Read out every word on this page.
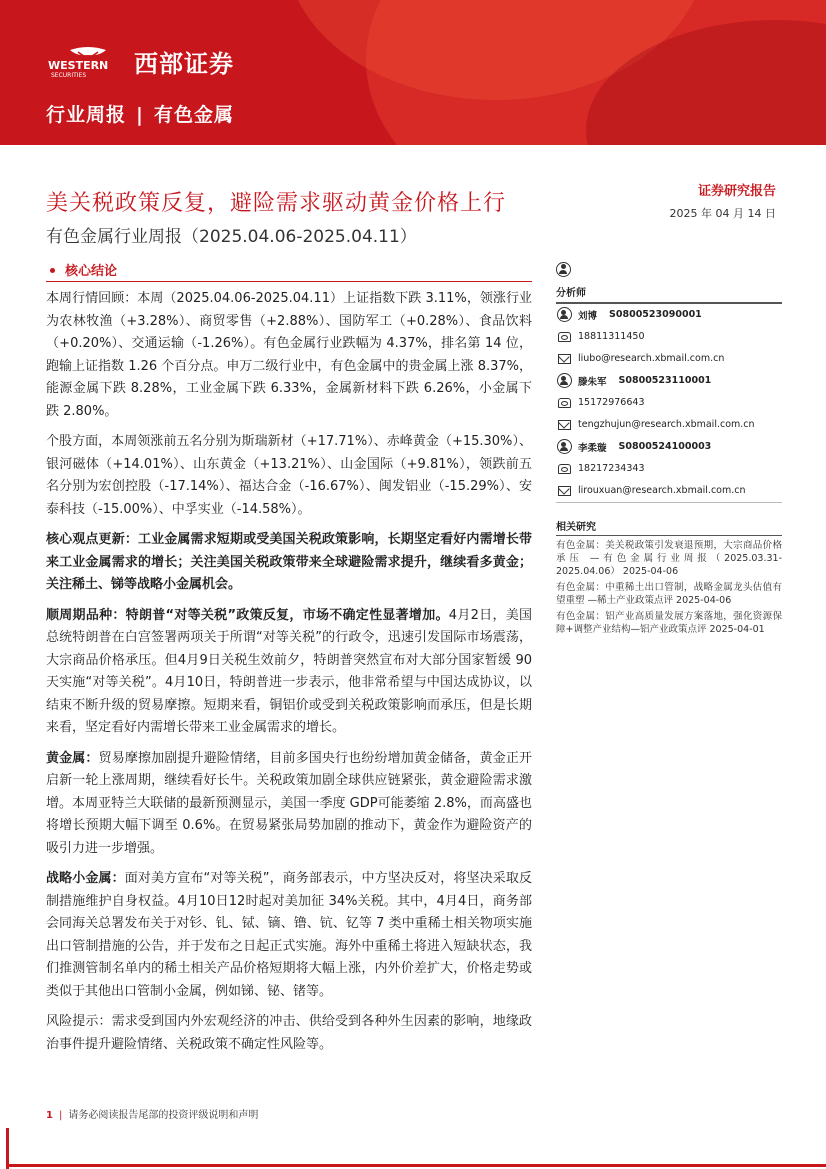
WESTERN
SECURITIES 西部证券
行业周报 | 有色金属
美关税政策反复，避险需求驱动黄金价格上行
有色金属行业周报（2025.04.06-2025.04.11）
证券研究报告
2025 年 04 月 14 日
核心结论

本周行情回顾：本周（2025.04.06-2025.04.11）上证指数下跌 3.11%，领涨行业为农林牧渔（+3.28%）、商贸零售（+2.88%）、国防军工（+0.28%）、食品饮料（+0.20%）、交通运输（-1.26%）。有色金属行业跌幅为 4.37%，排名第 14 位，跑输上证指数 1.26 个百分点。申万二级行业中，有色金属中的贵金属上涨 8.37%，能源金属下跌 8.28%，工业金属下跌 6.33%，金属新材料下跌 6.26%，小金属下跌 2.80%。

个股方面，本周领涨前五名分别为斯瑞新材（+17.71%）、赤峰黄金（+15.30%）、银河磁体（+14.01%）、山东黄金（+13.21%）、山金国际（+9.81%），领跌前五名分别为宏创控股（-17.14%）、福达合金（-16.67%）、闽发铝业（-15.29%）、安泰科技（-15.00%）、中孚实业（-14.58%）。

核心观点更新：工业金属需求短期或受美国关税政策影响，长期坚定看好内需增长带来工业金属需求的增长；关注美国关税政策带来全球避险需求提升，继续看多黄金；关注稀土、锑等战略小金属机会。

顺周期品种：特朗普“对等关税”政策反复，市场不确定性显著增加。4月2日，美国总统特朗普在白宫签署两项关于所谓“对等关税”的行政令，迅速引发国际市场震荡，大宗商品价格承压。但4月9日关税生效前夕，特朗普突然宣布对大部分国家暂缓 90 天实施“对等关税”。4月10日，特朗普进一步表示，他非常希望与中国达成协议，以结束不断升级的贸易摩擦。短期来看，铜铝价或受到关税政策影响而承压，但是长期来看，坚定看好内需增长带来工业金属需求的增长。

黄金属：贸易摩擦加剧提升避险情绪，目前多国央行也纷纷增加黄金储备，黄金正开启新一轮上涨周期，继续看好长牛。关税政策加剧全球供应链紧张，黄金避险需求激增。本周亚特兰大联储的最新预测显示，美国一季度 GDP可能萎缩 2.8%，而高盛也将增长预期大幅下调至 0.6%。在贸易紧张局势加剧的推动下，黄金作为避险资产的吸引力进一步增强。

战略小金属：面对美方宣布“对等关税”，商务部表示，中方坚决反对，将坚决采取反制措施维护自身权益。4月10日12时起对美加征 34%关税。其中，4月4日，商务部会同海关总署发布关于对钐、钆、铽、镝、镥、钪、钇等 7 类中重稀土相关物项实施出口管制措施的公告，并于发布之日起正式实施。海外中重稀土将进入短缺状态，我们推测管制名单内的稀土相关产品价格短期将大幅上涨，内外价差扩大，价格走势或类似于其他出口管制小金属，例如锑、铋、锗等。

风险提示：需求受到国内外宏观经济的冲击、供给受到各种外生因素的影响，地缘政治事件提升避险情绪、关税政策不确定性风险等。

分析师
刘博 S0800523090001
18811311450
liubo@research.xbmail.com.cn
滕朱军 S0800523110001
15172976643
tengzhujun@research.xbmail.com.cn
李柔璇 S0800524100003
18217234343
lirouxuan@research.xbmail.com.cn
相关研究
有色金属：美关税政策引发衰退预期，大宗商品价格承压 —有色金属行业周报（2025.03.31-2025.04.06） 2025-04-06
有色金属：中重稀土出口管制，战略金属龙头估值有望重塑 —稀土产业政策点评 2025-04-06
有色金属：铝产业高质量发展方案落地，强化资源保障+调整产业结构—铝产业政策点评 2025-04-01
1 | 请务必阅读报告尾部的投资评级说明和声明
